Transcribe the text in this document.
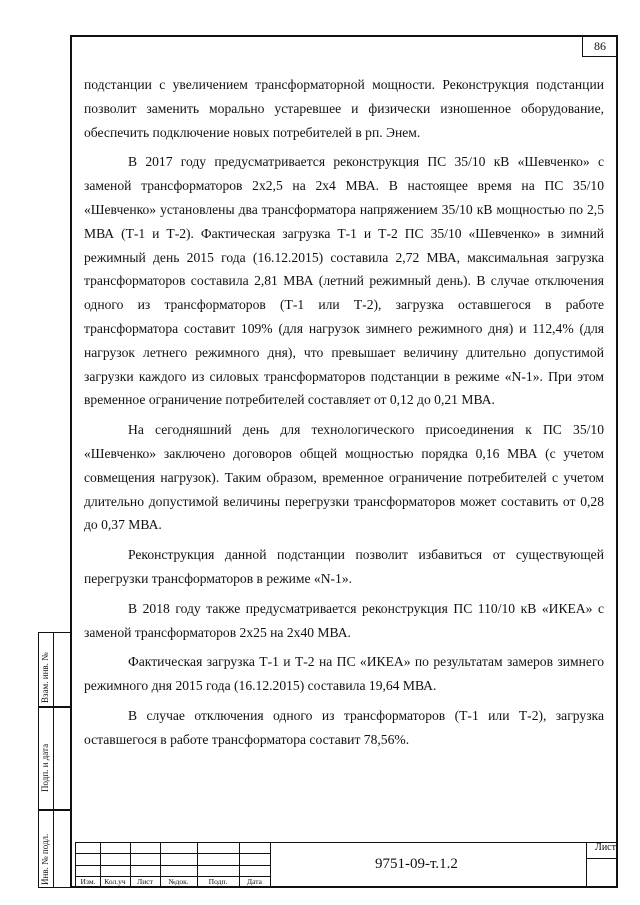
86

подстанции с увеличением трансформаторной мощности. Реконструкция подстанции позволит заменить морально устаревшее и физически изношенное оборудование, обеспечить подключение новых потребителей в рп. Энем.

В 2017 году предусматривается реконструкция ПС 35/10 кВ «Шевченко» с заменой трансформаторов 2х2,5 на 2х4 МВА. В настоящее время на ПС 35/10 «Шевченко» установлены два трансформатора напряжением 35/10 кВ мощностью по 2,5 МВА (Т-1 и Т-2). Фактическая загрузка Т-1 и Т-2 ПС 35/10 «Шевченко» в зимний режимный день 2015 года (16.12.2015) составила 2,72 МВА, максимальная загрузка трансформаторов составила 2,81 МВА (летний режимный день). В случае отключения одного из трансформаторов (Т-1 или Т-2), загрузка оставшегося в работе трансформатора составит 109% (для нагрузок зимнего режимного дня) и 112,4% (для нагрузок летнего режимного дня), что превышает величину длительно допустимой загрузки каждого из силовых трансформаторов подстанции в режиме «N-1». При этом временное ограничение потребителей составляет от 0,12 до 0,21 МВА.

На сегодняшний день для технологического присоединения к ПС 35/10 «Шевченко» заключено договоров общей мощностью порядка 0,16 МВА (с учетом совмещения нагрузок). Таким образом, временное ограничение потребителей с учетом длительно допустимой величины перегрузки трансформаторов может составить от 0,28 до 0,37 МВА.

Реконструкция данной подстанции позволит избавиться от существующей перегрузки трансформаторов в режиме «N-1».

В 2018 году также предусматривается реконструкция ПС 110/10 кВ «ИКЕА» с заменой трансформаторов 2х25 на 2х40 МВА.

Фактическая загрузка Т-1 и Т-2 на ПС «ИКЕА» по результатам замеров зимнего режимного дня 2015 года (16.12.2015) составила 19,64 МВА.

В случае отключения одного из трансформаторов (Т-1 или Т-2), загрузка оставшегося в работе трансформатора составит 78,56%.

Взам. инв. №
Подп. и дата
Инв. № подл.	Изм.	Кол.уч	Лист	№док.	Подп.	Дата
9751-09-т.1.2
Лист
